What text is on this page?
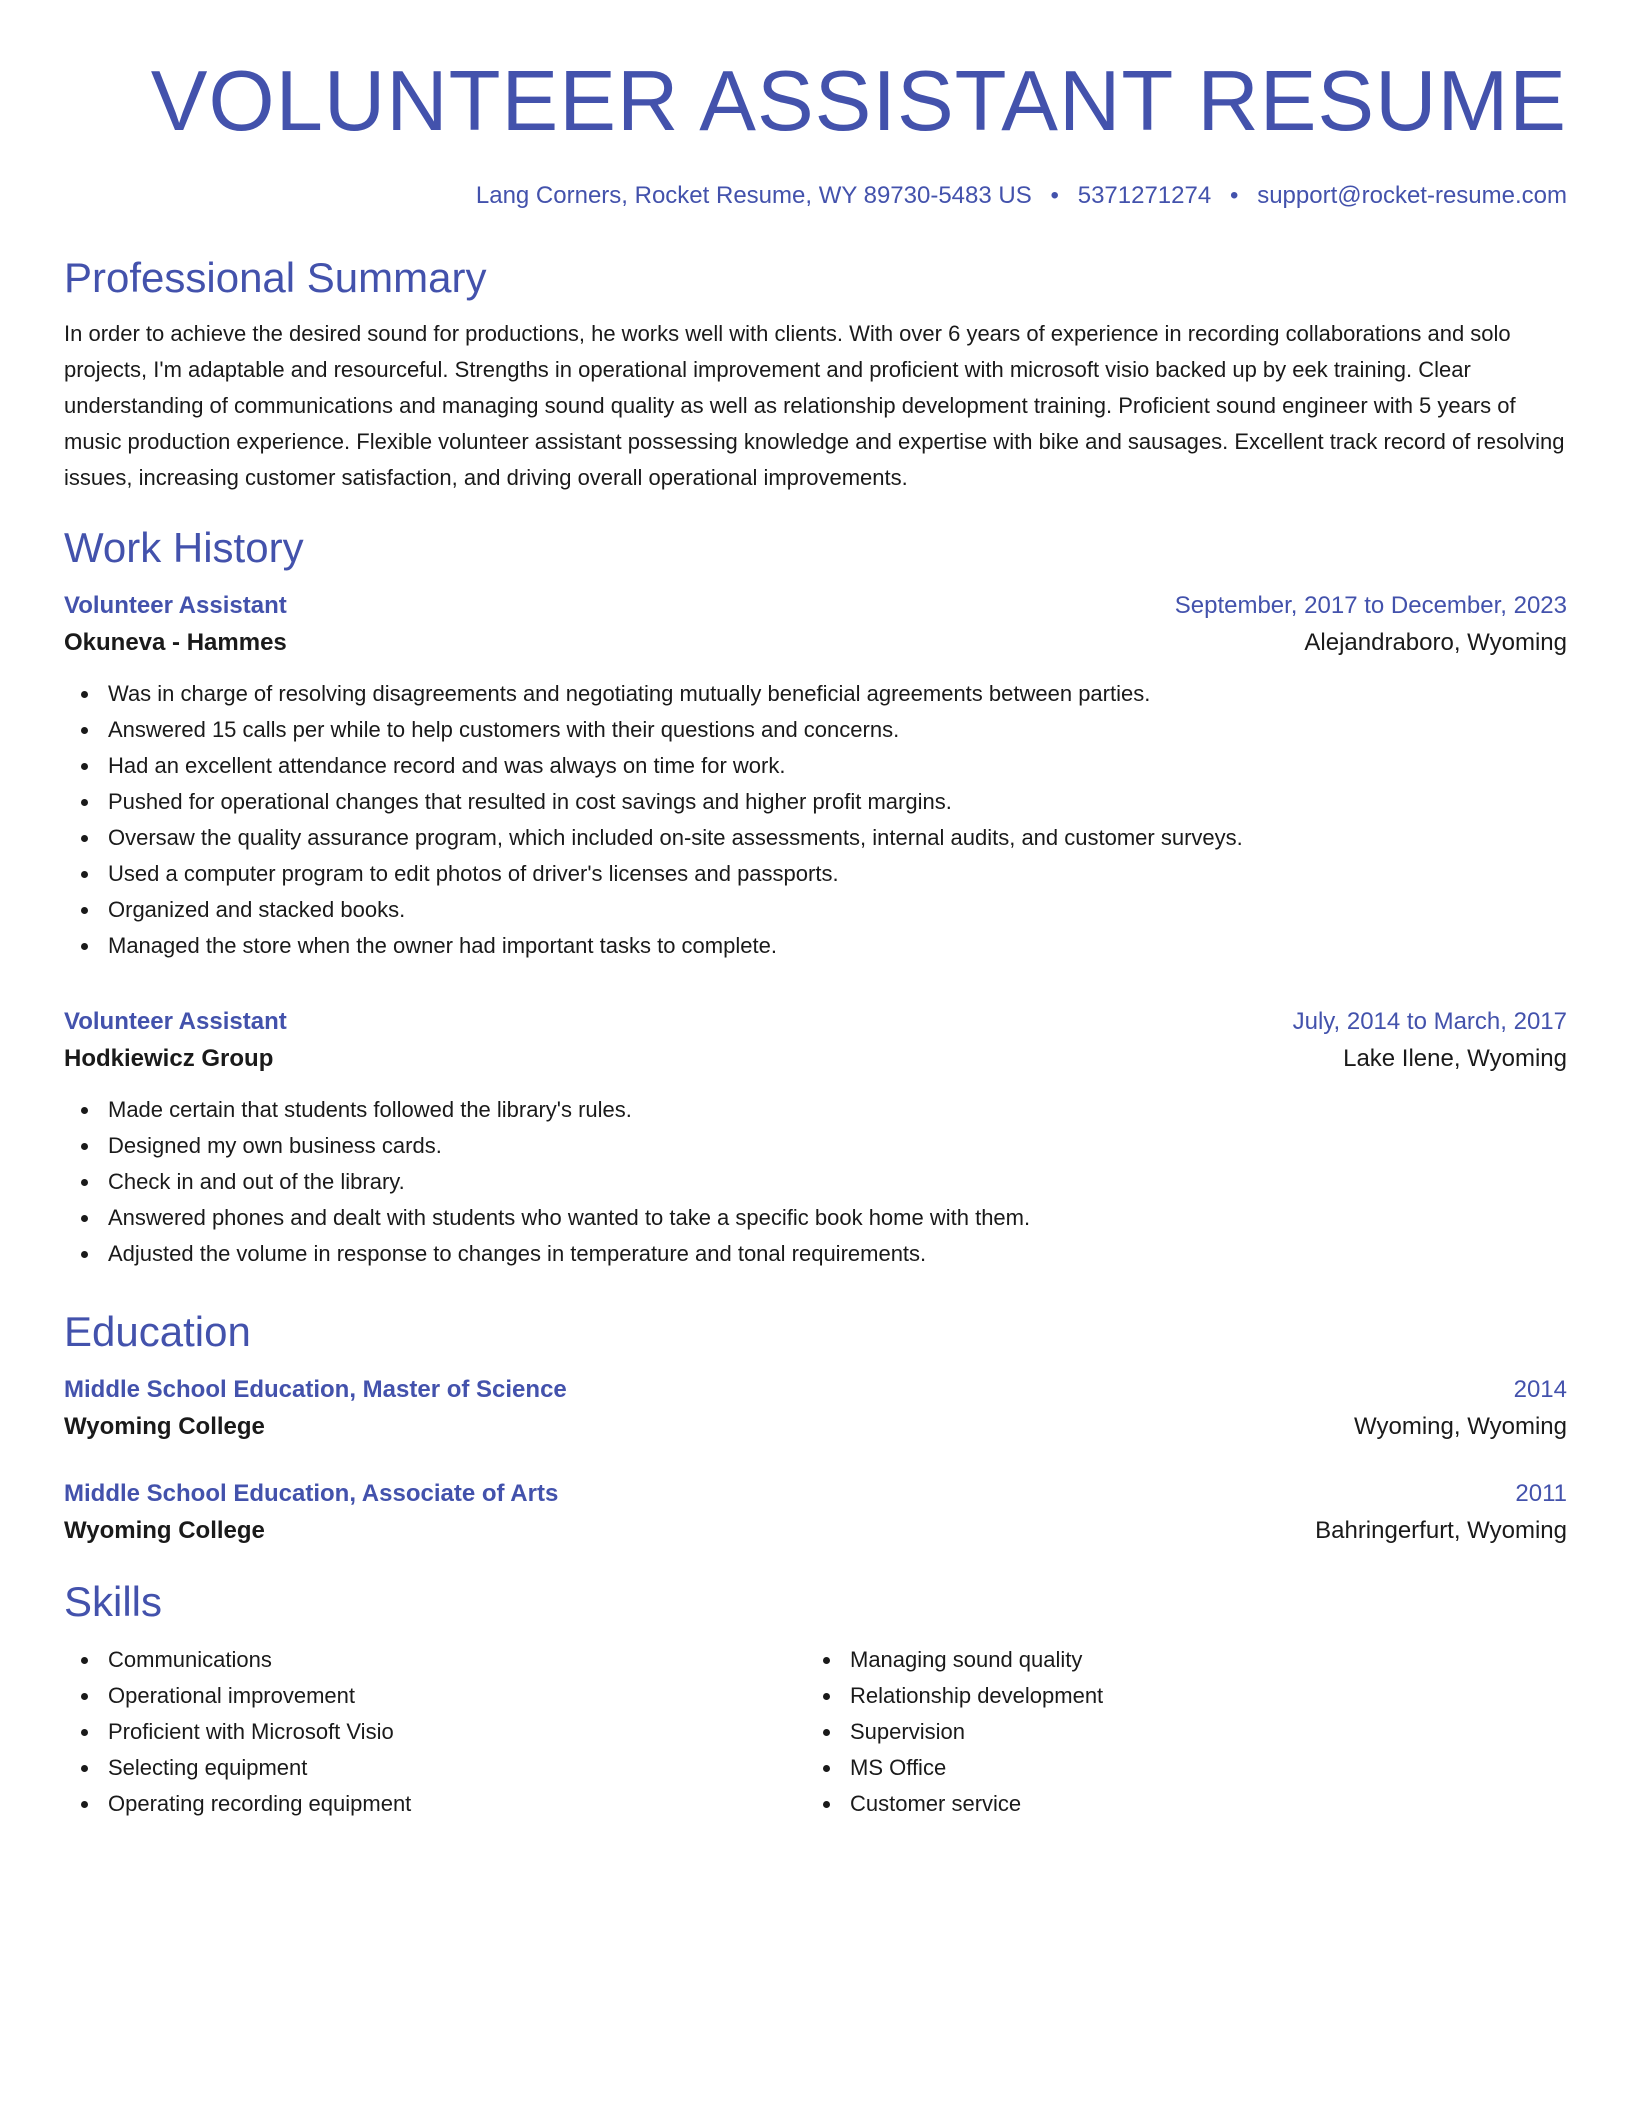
VOLUNTEER ASSISTANT RESUME
Lang Corners, Rocket Resume, WY 89730-5483 US • 5371271274 • support@rocket-resume.com
Professional Summary

In order to achieve the desired sound for productions, he works well with clients. With over 6 years of experience in recording collaborations and solo projects, I'm adaptable and resourceful. Strengths in operational improvement and proficient with microsoft visio backed up by eek training. Clear understanding of communications and managing sound quality as well as relationship development training. Proficient sound engineer with 5 years of music production experience. Flexible volunteer assistant possessing knowledge and expertise with bike and sausages. Excellent track record of resolving issues, increasing customer satisfaction, and driving overall operational improvements.

Work History
Volunteer Assistant	September, 2017 to December, 2023
Okuneva - Hammes	Alejandraboro, Wyoming
Was in charge of resolving disagreements and negotiating mutually beneficial agreements between parties.
Answered 15 calls per while to help customers with their questions and concerns.
Had an excellent attendance record and was always on time for work.
Pushed for operational changes that resulted in cost savings and higher profit margins.
Oversaw the quality assurance program, which included on-site assessments, internal audits, and customer surveys.
Used a computer program to edit photos of driver's licenses and passports.
Organized and stacked books.
Managed the store when the owner had important tasks to complete.
Volunteer Assistant	July, 2014 to March, 2017
Hodkiewicz Group	Lake Ilene, Wyoming
Made certain that students followed the library's rules.
Designed my own business cards.
Check in and out of the library.
Answered phones and dealt with students who wanted to take a specific book home with them.
Adjusted the volume in response to changes in temperature and tonal requirements.
Education
Middle School Education, Master of Science	2014
Wyoming College	Wyoming, Wyoming
Middle School Education, Associate of Arts	2011
Wyoming College	Bahringerfurt, Wyoming
Skills
Communications
Operational improvement
Proficient with Microsoft Visio
Selecting equipment
Operating recording equipment
Managing sound quality
Relationship development
Supervision
MS Office
Customer service
